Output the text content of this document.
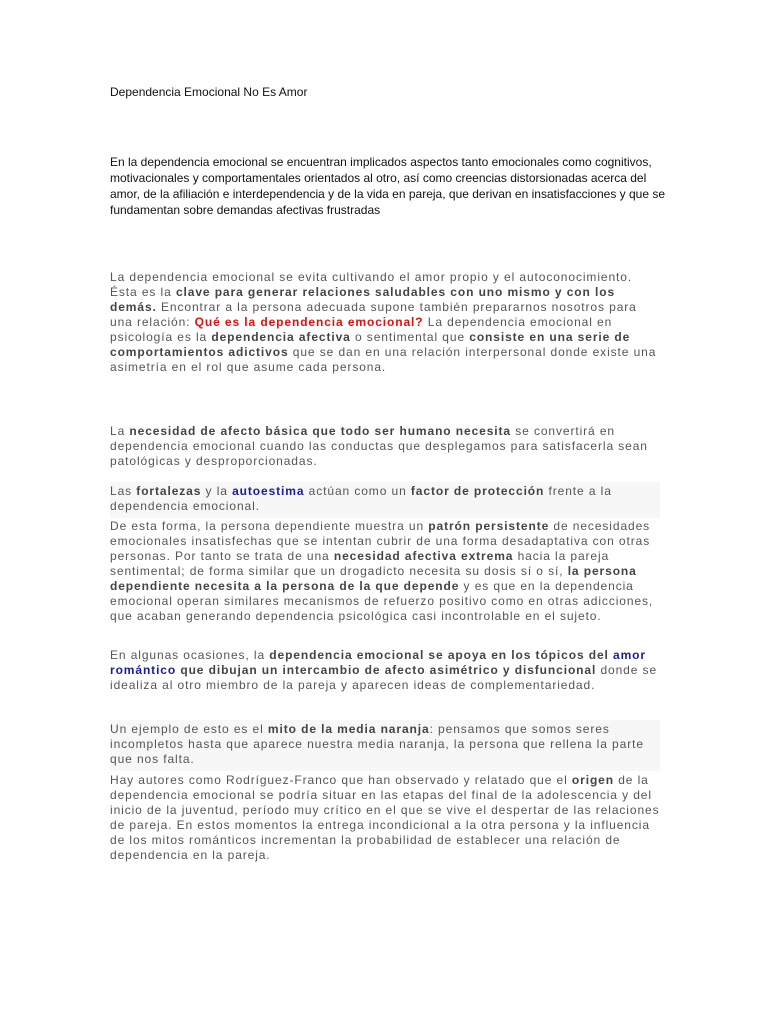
Dependencia Emocional No Es Amor

En la dependencia emocional se encuentran implicados aspectos tanto emocionales como cognitivos, motivacionales y comportamentales orientados al otro, así como creencias distorsionadas acerca del amor, de la afiliación e interdependencia y de la vida en pareja, que derivan en insatisfacciones y que se fundamentan sobre demandas afectivas frustradas

La dependencia emocional se evita cultivando el amor propio y el autoconocimiento. Ésta es la clave para generar relaciones saludables con uno mismo y con los demás. Encontrar a la persona adecuada supone también prepararnos nosotros para una relación: Qué es la dependencia emocional? La dependencia emocional en psicología es la dependencia afectiva o sentimental que consiste en una serie de comportamientos adictivos que se dan en una relación interpersonal donde existe una asimetría en el rol que asume cada persona.

La necesidad de afecto básica que todo ser humano necesita se convertirá en dependencia emocional cuando las conductas que desplegamos para satisfacerla sean patológicas y desproporcionadas.

Las fortalezas y la autoestima actúan como un factor de protección frente a la dependencia emocional.

De esta forma, la persona dependiente muestra un patrón persistente de necesidades emocionales insatisfechas que se intentan cubrir de una forma desadaptativa con otras personas. Por tanto se trata de una necesidad afectiva extrema hacia la pareja sentimental; de forma similar que un drogadicto necesita su dosis sí o sí, la persona dependiente necesita a la persona de la que depende y es que en la dependencia emocional operan similares mecanismos de refuerzo positivo como en otras adicciones, que acaban generando dependencia psicológica casi incontrolable en el sujeto.

En algunas ocasiones, la dependencia emocional se apoya en los tópicos del amor romántico que dibujan un intercambio de afecto asimétrico y disfuncional donde se idealiza al otro miembro de la pareja y aparecen ideas de complementariedad.

Un ejemplo de esto es el mito de la media naranja: pensamos que somos seres incompletos hasta que aparece nuestra media naranja, la persona que rellena la parte que nos falta.

Hay autores como Rodríguez-Franco que han observado y relatado que el origen de la dependencia emocional se podría situar en las etapas del final de la adolescencia y del inicio de la juventud, período muy crítico en el que se vive el despertar de las relaciones de pareja. En estos momentos la entrega incondicional a la otra persona y la influencia de los mitos románticos incrementan la probabilidad de establecer una relación de dependencia en la pareja.
